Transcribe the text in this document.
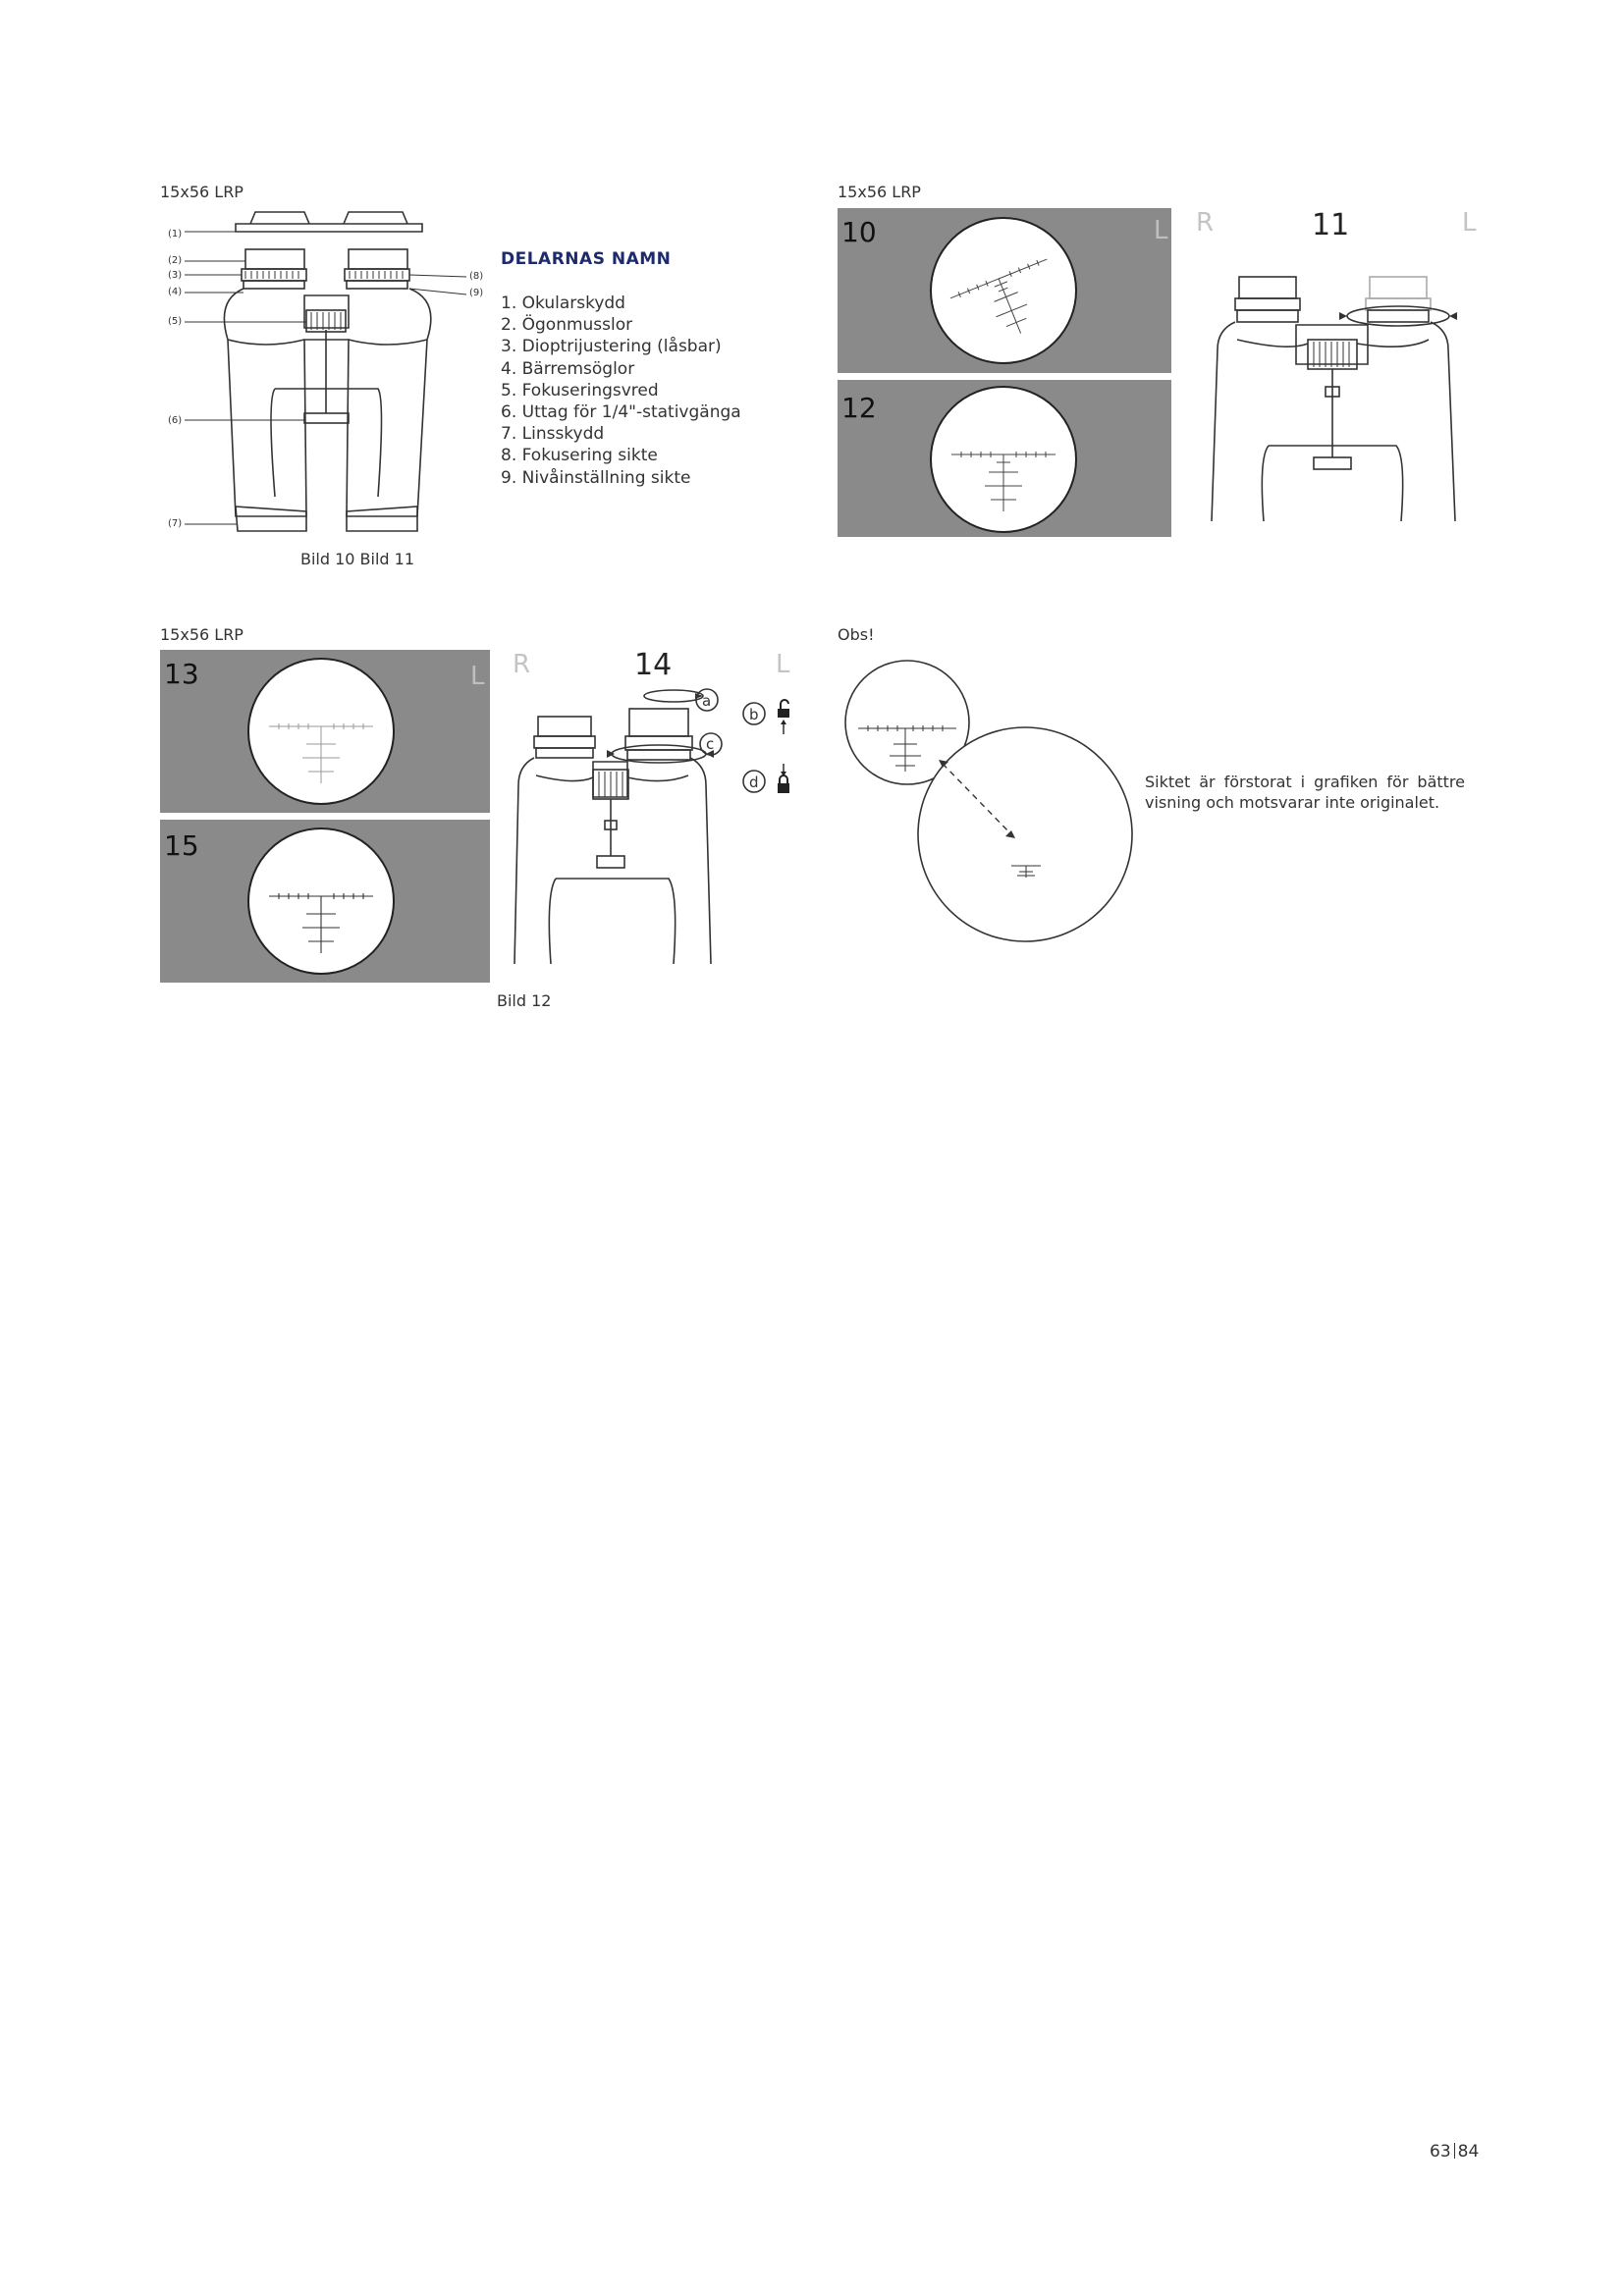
15x56 LRP
(1)
(2)
(3)
(4)
(5)
(6)
(7)
(8)
(9)
Bild 10 Bild 11
DELARNAS NAMN
1. Okularskydd
2. Ögonmusslor
3. Dioptrijustering (låsbar)
4. Bärremsöglor
5. Fokuseringsvred
6. Uttag för 1/4"-stativgänga
7. Linsskydd
8. Fokusering sikte
9. Nivåinställning sikte
15x56 LRP
10	L
12
R	11	L
15x56 LRP
13	L
15
R	14	L
a
b
c
d
Bild 12
Obs!
Siktet är förstorat i grafiken för bättre visning och motsvarar inte originalet.
63 84
